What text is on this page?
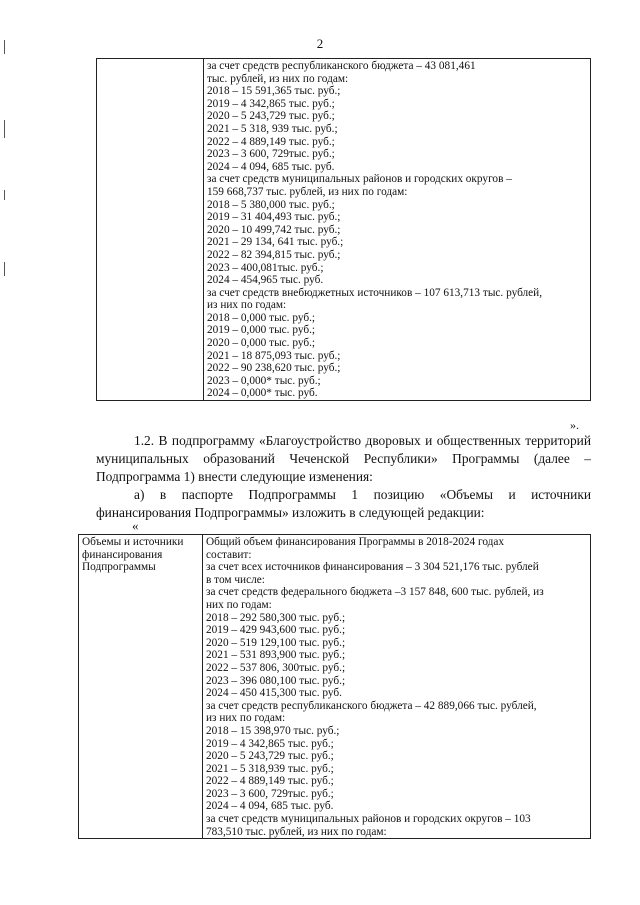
2

за счет средств республиканского бюджета – 43 081,461
тыс. рублей, из них по годам:
2018 – 15 591,365 тыс. руб.;
2019 – 4 342,865 тыс. руб.;
2020 – 5 243,729 тыс. руб.;
2021 – 5 318, 939 тыс. руб.;
2022 – 4 889,149 тыс. руб.;
2023 – 3 600, 729тыс. руб.;
2024 – 4 094, 685 тыс. руб.
за счет средств муниципальных районов и городских округов –
159 668,737 тыс. рублей, из них по годам:
2018 – 5 380,000 тыс. руб.;
2019 – 31 404,493 тыс. руб.;
2020 – 10 499,742 тыс. руб.;
2021 – 29 134, 641 тыс. руб.;
2022 – 82 394,815 тыс. руб.;
2023 – 400,081тыс. руб.;
2024 – 454,965 тыс. руб.
за счет средств внебюджетных источников – 107 613,713 тыс. рублей,
из них по годам:
2018 – 0,000 тыс. руб.;
2019 – 0,000 тыс. руб.;
2020 – 0,000 тыс. руб.;
2021 – 18 875,093 тыс. руб.;
2022 – 90 238,620 тыс. руб.;
2023 – 0,000* тыс. руб.;
2024 – 0,000* тыс. руб.
».
1.2. В подпрограмму «Благоустройство дворовых и общественных территорий муниципальных образований Чеченской Республики» Программы (далее – Подпрограмма 1) внести следующие изменения:
а) в паспорте Подпрограммы 1 позицию «Объемы и источники финансирования Подпрограммы» изложить в следующей редакции:
«
Объемы и источники
финансирования
Подпрограммы

Общий объем финансирования Программы в 2018-2024 годах
составит:
за счет всех источников финансирования – 3 304 521,176 тыс. рублей
в том числе:
за счет средств федерального бюджета –3 157 848, 600 тыс. рублей, из
них по годам:
2018 – 292 580,300 тыс. руб.;
2019 – 429 943,600 тыс. руб.;
2020 – 519 129,100 тыс. руб.;
2021 – 531 893,900 тыс. руб.;
2022 – 537 806, 300тыс. руб.;
2023 – 396 080,100 тыс. руб.;
2024 – 450 415,300 тыс. руб.
за счет средств республиканского бюджета – 42 889,066 тыс. рублей,
из них по годам:
2018 – 15 398,970 тыс. руб.;
2019 – 4 342,865 тыс. руб.;
2020 – 5 243,729 тыс. руб.;
2021 – 5 318,939 тыс. руб.;
2022 – 4 889,149 тыс. руб.;
2023 – 3 600, 729тыс. руб.;
2024 – 4 094, 685 тыс. руб.
за счет средств муниципальных районов и городских округов – 103
783,510 тыс. рублей, из них по годам:
